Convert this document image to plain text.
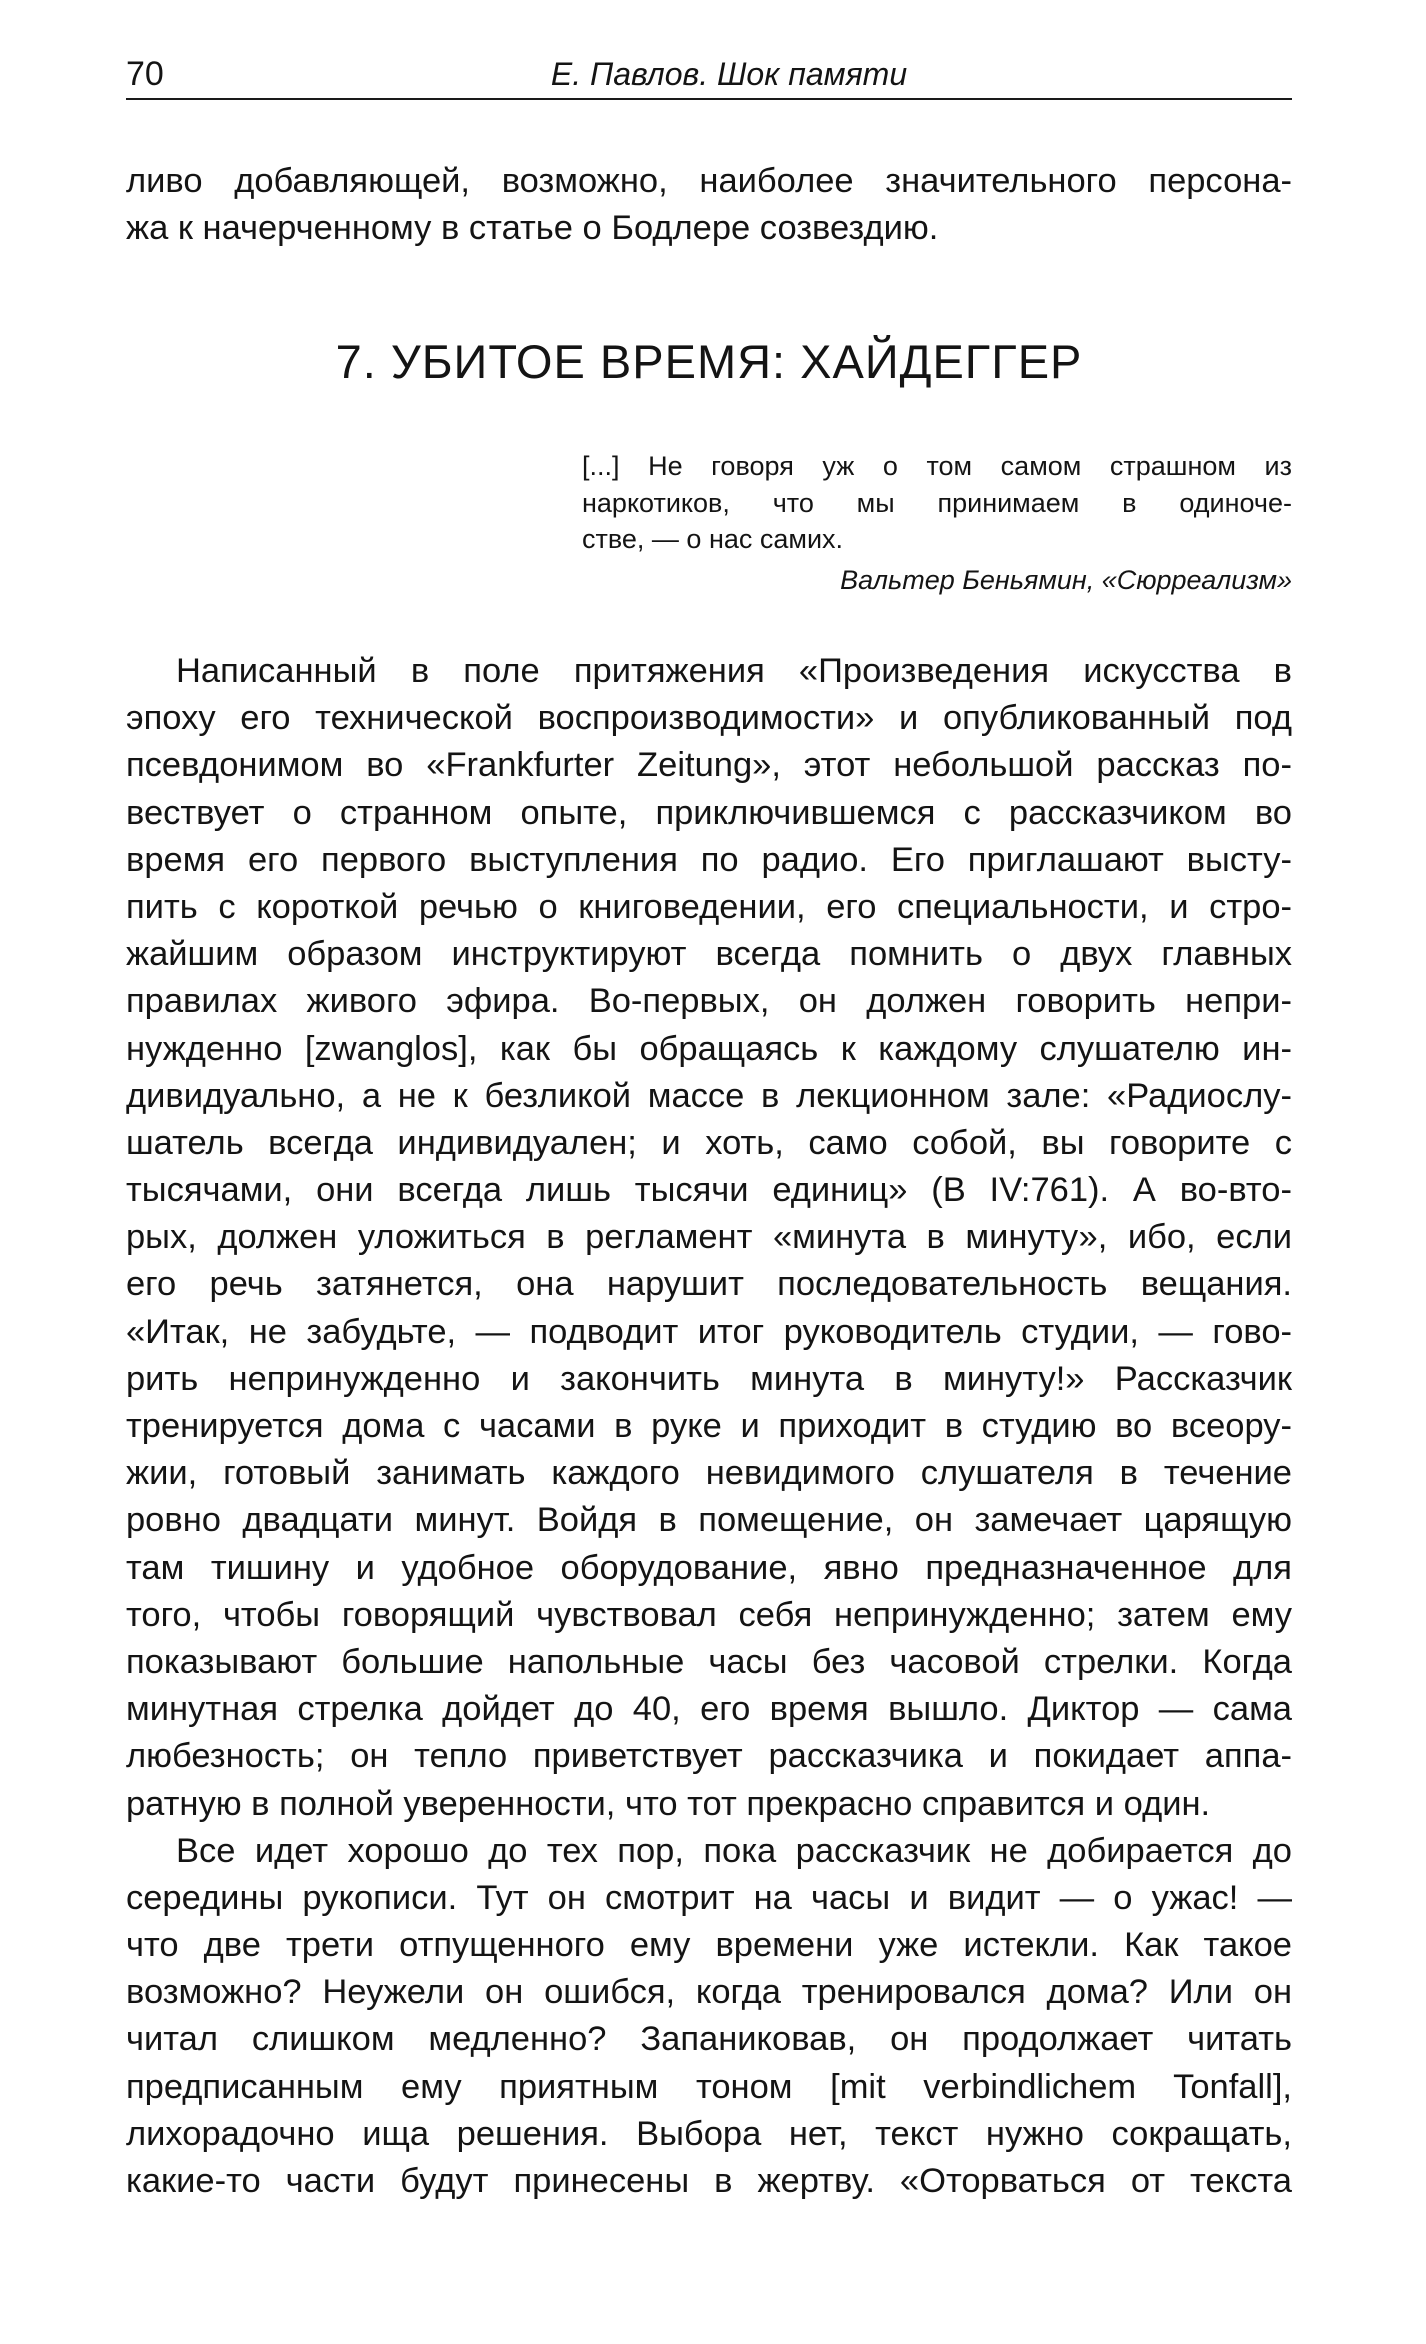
70	Е. Павлов. Шок памяти
ливо добавляющей, возможно, наиболее значительного персона-
жа к начерченному в статье о Бодлере созвездию.
7. УБИТОЕ ВРЕМЯ: ХАЙДЕГГЕР
[...] Не говоря уж о том самом страшном из
наркотиков, что мы принимаем в одиноче-
стве, — о нас самих.
Вальтер Беньямин, «Сюрреализм»
Написанный в поле притяжения «Произведения искусства в
эпоху его технической воспроизводимости» и опубликованный под
псевдонимом во «Frankfurter Zeitung», этот небольшой рассказ по-
вествует о странном опыте, приключившемся с рассказчиком во
время его первого выступления по радио. Его приглашают высту-
пить с короткой речью о книговедении, его специальности, и стро-
жайшим образом инструктируют всегда помнить о двух главных
правилах живого эфира. Во-первых, он должен говорить непри-
нужденно [zwanglos], как бы обращаясь к каждому слушателю ин-
дивидуально, а не к безликой массе в лекционном зале: «Радиослу-
шатель всегда индивидуален; и хоть, само собой, вы говорите с
тысячами, они всегда лишь тысячи единиц» (В IV:761). А во-вто-
рых, должен уложиться в регламент «минута в минуту», ибо, если
его речь затянется, она нарушит последовательность вещания.
«Итак, не забудьте, — подводит итог руководитель студии, — гово-
рить непринужденно и закончить минута в минуту!» Рассказчик
тренируется дома с часами в руке и приходит в студию во всеору-
жии, готовый занимать каждого невидимого слушателя в течение
ровно двадцати минут. Войдя в помещение, он замечает царящую
там тишину и удобное оборудование, явно предназначенное для
того, чтобы говорящий чувствовал себя непринужденно; затем ему
показывают большие напольные часы без часовой стрелки. Когда
минутная стрелка дойдет до 40, его время вышло. Диктор — сама
любезность; он тепло приветствует рассказчика и покидает аппа-
ратную в полной уверенности, что тот прекрасно справится и один.
Все идет хорошо до тех пор, пока рассказчик не добирается до
середины рукописи. Тут он смотрит на часы и видит — о ужас! —
что две трети отпущенного ему времени уже истекли. Как такое
возможно? Неужели он ошибся, когда тренировался дома? Или он
читал слишком медленно? Запаниковав, он продолжает читать
предписанным ему приятным тоном [mit verbindlichem Tonfall],
лихорадочно ища решения. Выбора нет, текст нужно сокращать,
какие-то части будут принесены в жертву. «Оторваться от текста
